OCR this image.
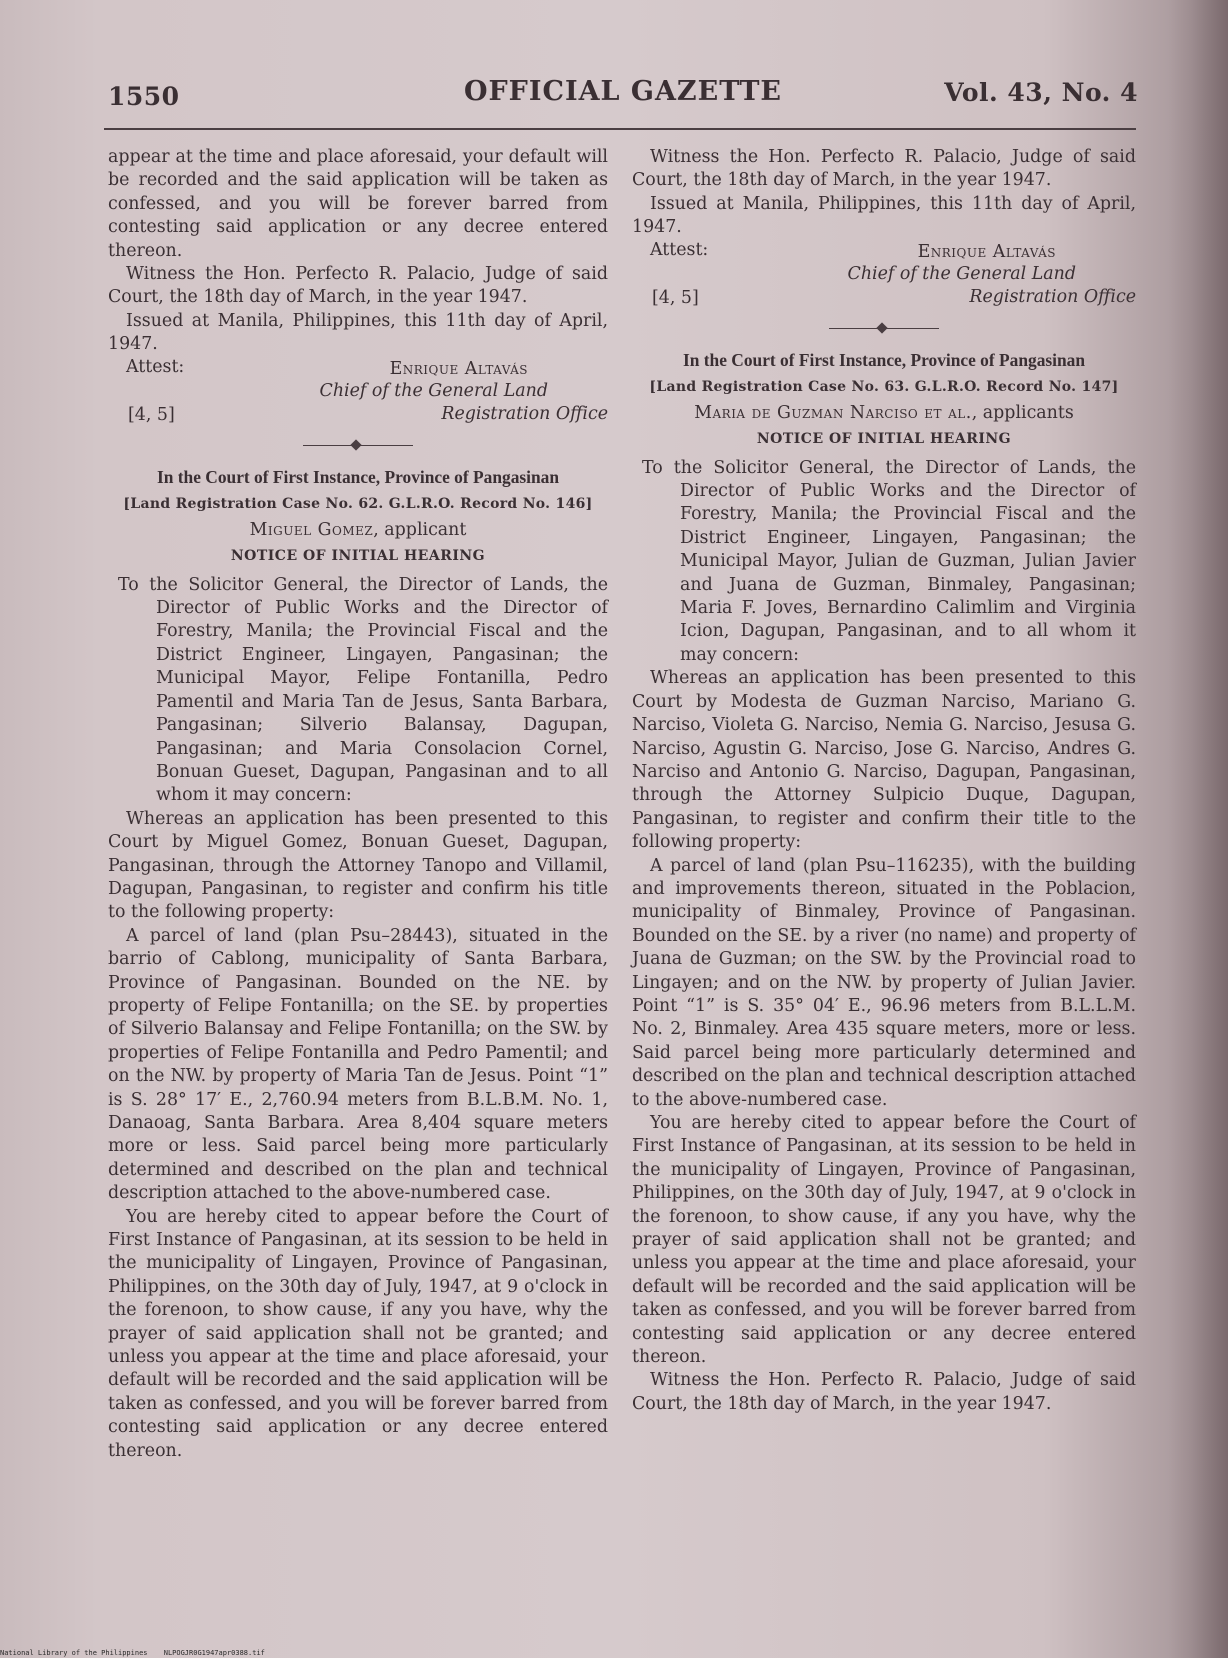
1550	OFFICIAL GAZETTE	Vol. 43, No. 4

appear at the time and place aforesaid, your default will be recorded and the said application will be taken as confessed, and you will be forever barred from contesting said application or any decree entered thereon.

Witness the Hon. Perfecto R. Palacio, Judge of said Court, the 18th day of March, in the year 1947.

Issued at Manila, Philippines, this 11th day of April, 1947.

Attest:	Enrique Altavás
Chief of the General Land
[4, 5]	Registration Office
In the Court of First Instance, Province of Pangasinan
[Land Registration Case No. 62. G.L.R.O. Record No. 146]
Miguel Gomez, applicant
NOTICE OF INITIAL HEARING

To the Solicitor General, the Director of Lands, the Director of Public Works and the Director of Forestry, Manila; the Provincial Fiscal and the District Engineer, Lingayen, Pangasinan; the Municipal Mayor, Felipe Fontanilla, Pedro Pamentil and Maria Tan de Jesus, Santa Barbara, Pangasinan; Silverio Balansay, Dagupan, Pangasinan; and Maria Consolacion Cornel, Bonuan Gueset, Dagupan, Pangasinan and to all whom it may concern:

Whereas an application has been presented to this Court by Miguel Gomez, Bonuan Gueset, Dagupan, Pangasinan, through the Attorney Tanopo and Villamil, Dagupan, Pangasinan, to register and confirm his title to the following property:

A parcel of land (plan Psu–28443), situated in the barrio of Cablong, municipality of Santa Barbara, Province of Pangasinan. Bounded on the NE. by property of Felipe Fontanilla; on the SE. by properties of Silverio Balansay and Felipe Fontanilla; on the SW. by properties of Felipe Fontanilla and Pedro Pamentil; and on the NW. by property of Maria Tan de Jesus. Point “1” is S. 28° 17′ E., 2,760.94 meters from B.L.B.M. No. 1, Danaoag, Santa Barbara. Area 8,404 square meters more or less. Said parcel being more particularly determined and described on the plan and technical description attached to the above-numbered case.

You are hereby cited to appear before the Court of First Instance of Pangasinan, at its session to be held in the municipality of Lingayen, Province of Pangasinan, Philippines, on the 30th day of July, 1947, at 9 o'clock in the forenoon, to show cause, if any you have, why the prayer of said application shall not be granted; and unless you appear at the time and place aforesaid, your default will be recorded and the said application will be taken as confessed, and you will be forever barred from contesting said application or any decree entered thereon.

Witness the Hon. Perfecto R. Palacio, Judge of said Court, the 18th day of March, in the year 1947.

Issued at Manila, Philippines, this 11th day of April, 1947.

Attest:	Enrique Altavás
Chief of the General Land
[4, 5]	Registration Office
In the Court of First Instance, Province of Pangasinan
[Land Registration Case No. 63. G.L.R.O. Record No. 147]
Maria de Guzman Narciso et al., applicants
NOTICE OF INITIAL HEARING

To the Solicitor General, the Director of Lands, the Director of Public Works and the Director of Forestry, Manila; the Provincial Fiscal and the District Engineer, Lingayen, Pangasinan; the Municipal Mayor, Julian de Guzman, Julian Javier and Juana de Guzman, Binmaley, Pangasinan; Maria F. Joves, Bernardino Calimlim and Virginia Icion, Dagupan, Pangasinan, and to all whom it may concern:

Whereas an application has been presented to this Court by Modesta de Guzman Narciso, Mariano G. Narciso, Violeta G. Narciso, Nemia G. Narciso, Jesusa G. Narciso, Agustin G. Narciso, Jose G. Narciso, Andres G. Narciso and Antonio G. Narciso, Dagupan, Pangasinan, through the Attorney Sulpicio Duque, Dagupan, Pangasinan, to register and confirm their title to the following property:

A parcel of land (plan Psu–116235), with the building and improvements thereon, situated in the Poblacion, municipality of Binmaley, Province of Pangasinan. Bounded on the SE. by a river (no name) and property of Juana de Guzman; on the SW. by the Provincial road to Lingayen; and on the NW. by property of Julian Javier. Point “1” is S. 35° 04′ E., 96.96 meters from B.L.L.M. No. 2, Binmaley. Area 435 square meters, more or less. Said parcel being more particularly determined and described on the plan and technical description attached to the above-numbered case.

You are hereby cited to appear before the Court of First Instance of Pangasinan, at its session to be held in the municipality of Lingayen, Province of Pangasinan, Philippines, on the 30th day of July, 1947, at 9 o'clock in the forenoon, to show cause, if any you have, why the prayer of said application shall not be granted; and unless you appear at the time and place aforesaid, your default will be recorded and the said application will be taken as confessed, and you will be forever barred from contesting said application or any decree entered thereon.

Witness the Hon. Perfecto R. Palacio, Judge of said Court, the 18th day of March, in the year 1947.

National Library of the Philippines NLPOGJR0G1947apr0388.tif
